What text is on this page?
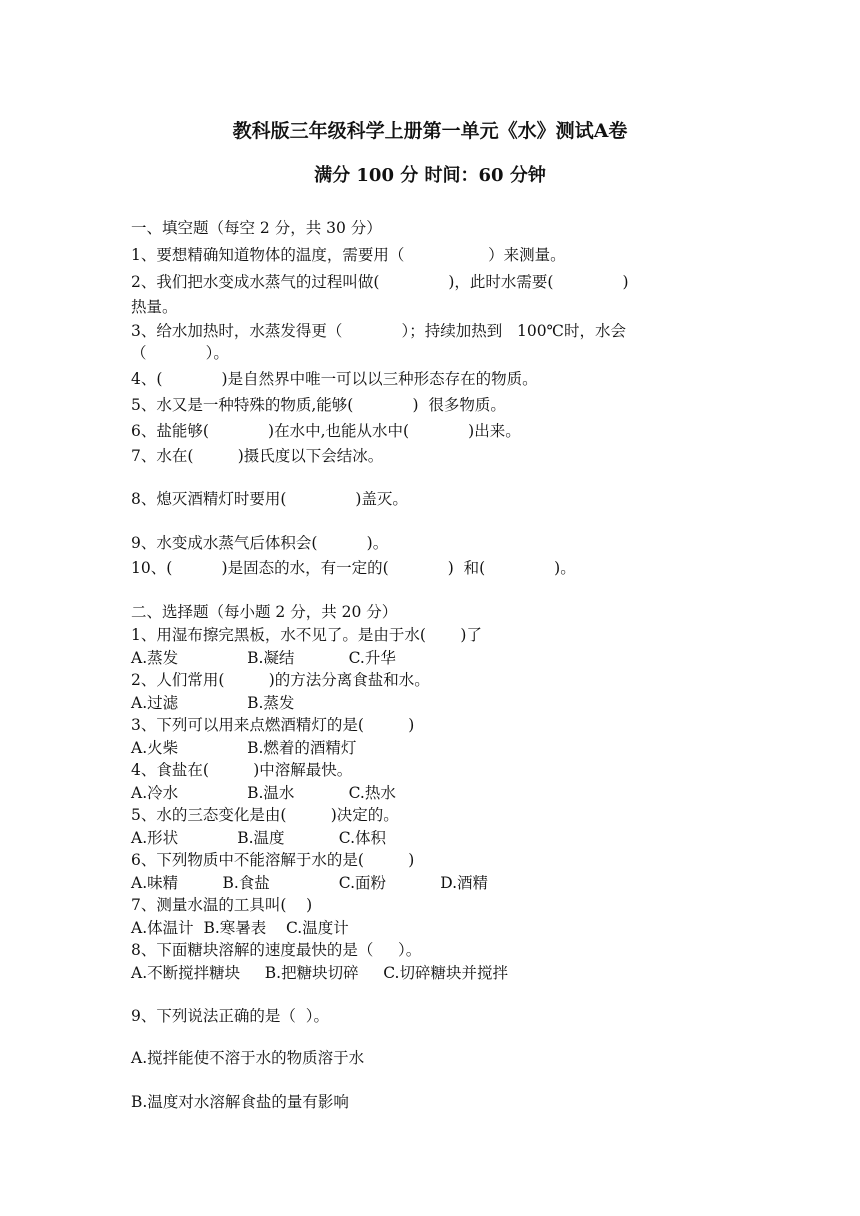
教科版三年级科学上册第一单元《水》测试A卷
满分 100 分 时间：60 分钟
一、填空题（每空 2 分，共 30 分）
1、要想精确知道物体的温度，需要用（                 ）来测量。
2、我们把水变成水蒸气的过程叫做(              )，此时水需要(              )
热量。
3、给水加热时，水蒸发得更（            ）；持续加热到   100℃时，水会
（            ）。
4、(            )是自然界中唯一可以以三种形态存在的物质。
5、水又是一种特殊的物质,能够(            )  很多物质。
6、盐能够(            )在水中,也能从水中(            )出来。
7、水在(         )摄氏度以下会结冰。
8、熄灭酒精灯时要用(              )盖灭。
9、水变成水蒸气后体积会(          )。
10、(          )是固态的水，有一定的(            )  和(              )。
二、选择题（每小题 2 分，共 20 分）
1、用湿布擦完黑板，水不见了。是由于水(       )了
A.蒸发              B.凝结           C.升华
2、人们常用(         )的方法分离食盐和水。
A.过滤              B.蒸发
3、下列可以用来点燃酒精灯的是(         )
A.火柴              B.燃着的酒精灯
4、食盐在(         )中溶解最快。
A.冷水              B.温水           C.热水
5、水的三态变化是由(         )决定的。
A.形状            B.温度           C.体积
6、下列物质中不能溶解于水的是(         )
A.味精         B.食盐              C.面粉           D.酒精
7、测量水温的工具叫(    )
A.体温计  B.寒暑表    C.温度计
8、下面糖块溶解的速度最快的是（     ）。
A.不断搅拌糖块     B.把糖块切碎     C.切碎糖块并搅拌
9、下列说法正确的是（  ）。
A.搅拌能使不溶于水的物质溶于水
B.温度对水溶解食盐的量有影响
